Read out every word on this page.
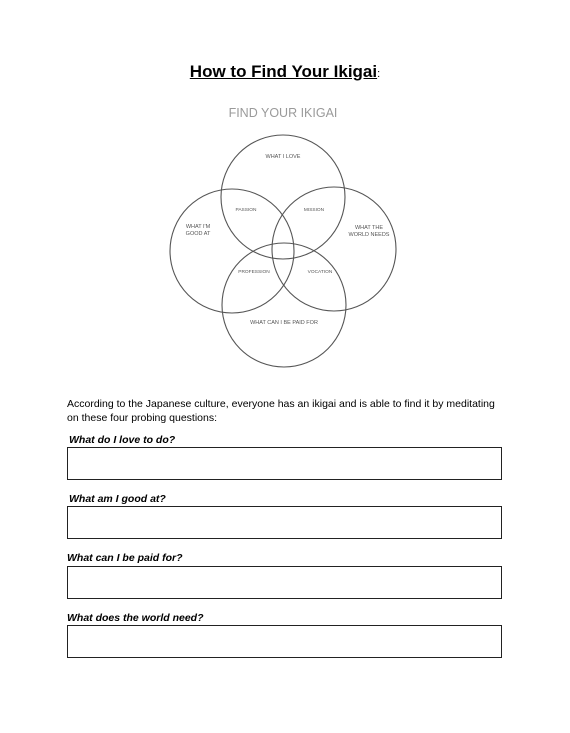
How to Find Your Ikigai:
FIND YOUR IKIGAI
WHAT I LOVE
WHAT I'M
GOOD AT
WHAT THE
WORLD NEEDS
WHAT CAN I BE PAID FOR
PASSION	MISSION
PROFESSION	VOCATION
According to the Japanese culture, everyone has an ikigai and is able to find it by meditating on these four probing questions:
What do I love to do?
What am I good at?
What can I be paid for?
What does the world need?
